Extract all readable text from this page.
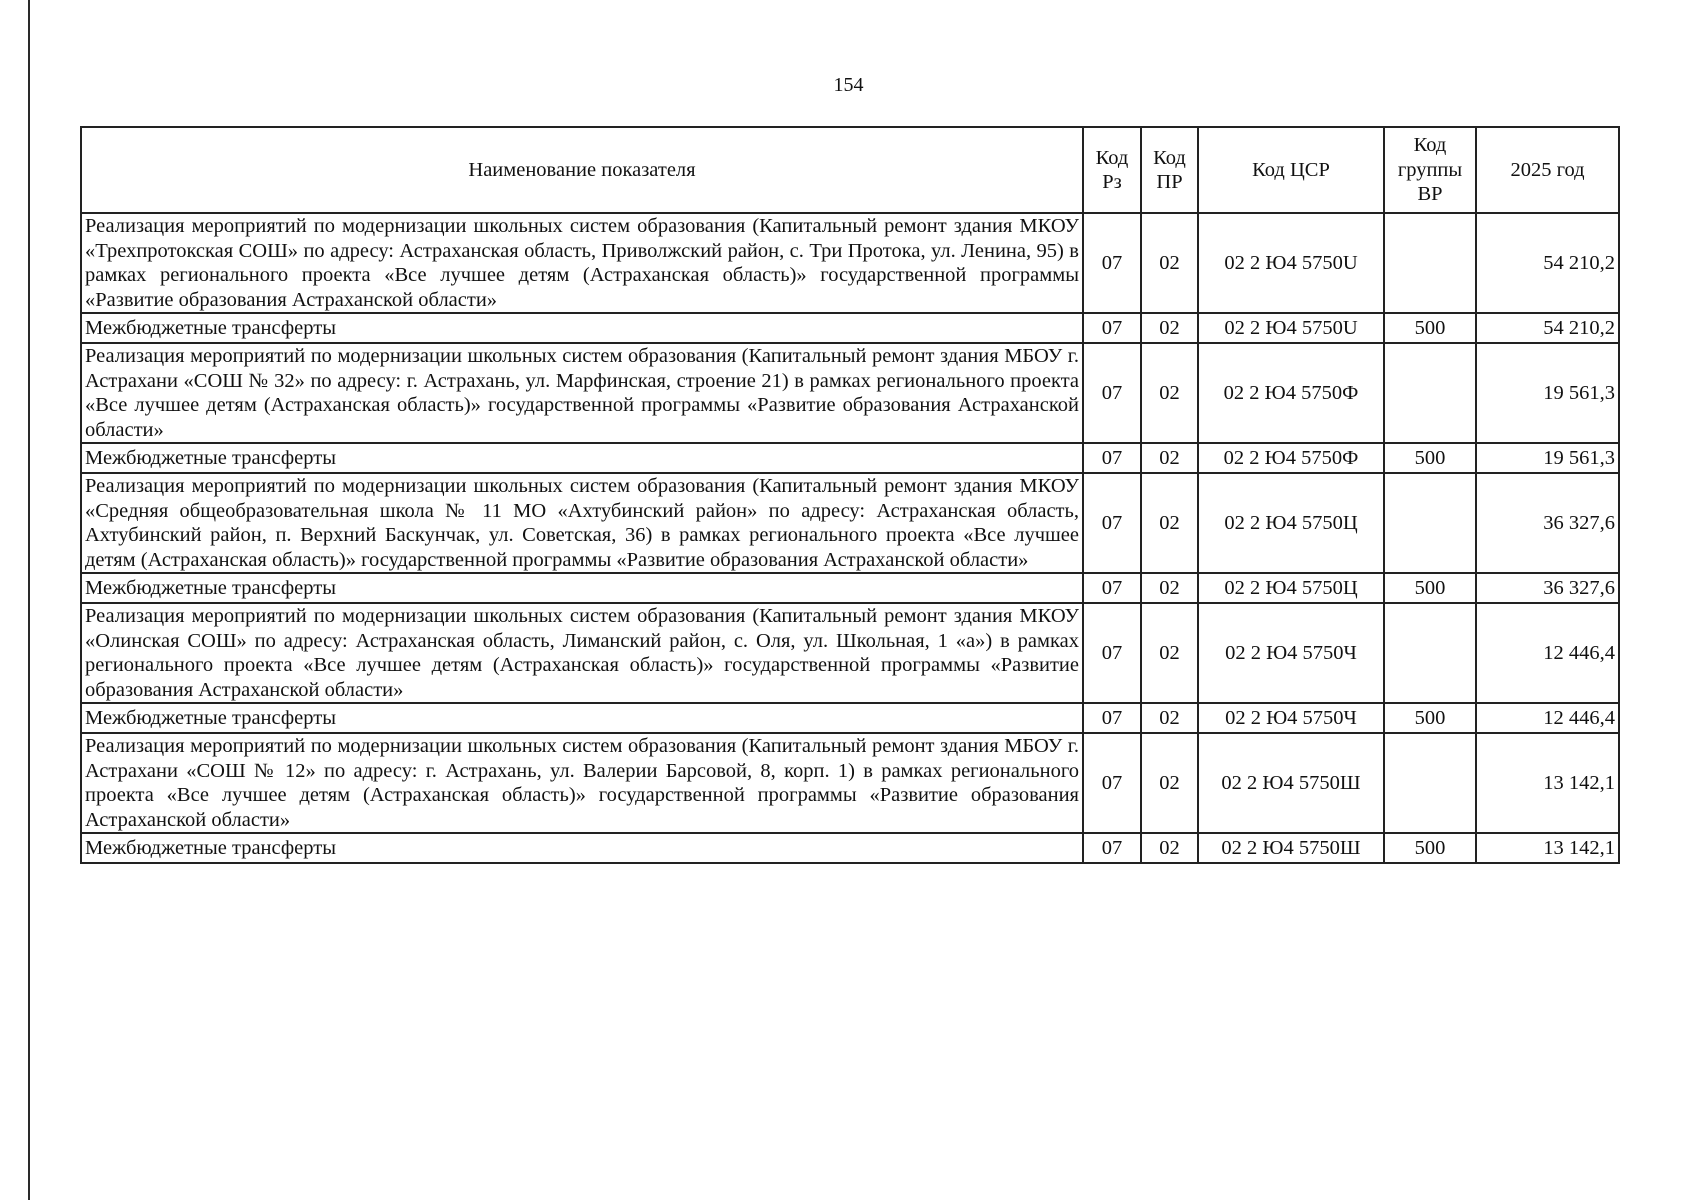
154
Наименование показателя	Код Рз	Код ПР	Код ЦСР	Код группы ВР	2025 год
Реализация мероприятий по модернизации школьных систем образования (Капитальный ремонт здания МКОУ «Трехпротокская СОШ» по адресу: Астраханская область, Приволжский район, с. Три Протока, ул. Ленина, 95) в рамках регионального проекта «Все лучшее детям (Астраханская область)» государственной программы «Развитие образования Астраханской области»	07	02	02 2 Ю4 5750U		54 210,2
Межбюджетные трансферты	07	02	02 2 Ю4 5750U	500	54 210,2
Реализация мероприятий по модернизации школьных систем образования (Капитальный ремонт здания МБОУ г. Астрахани «СОШ № 32» по адресу: г. Астрахань, ул. Марфинская, строение 21) в рамках регионального проекта «Все лучшее детям (Астраханская область)» государственной программы «Развитие образования Астраханской области»	07	02	02 2 Ю4 5750Ф		19 561,3
Межбюджетные трансферты	07	02	02 2 Ю4 5750Ф	500	19 561,3
Реализация мероприятий по модернизации школьных систем образования (Капитальный ремонт здания МКОУ «Средняя общеобразовательная школа № 11 МО «Ахтубинский район» по адресу: Астраханская область, Ахтубинский район, п. Верхний Баскунчак, ул. Советская, 36) в рамках регионального проекта «Все лучшее детям (Астраханская область)» государственной программы «Развитие образования Астраханской области»	07	02	02 2 Ю4 5750Ц		36 327,6
Межбюджетные трансферты	07	02	02 2 Ю4 5750Ц	500	36 327,6
Реализация мероприятий по модернизации школьных систем образования (Капитальный ремонт здания МКОУ «Олинская СОШ» по адресу: Астраханская область, Лиманский район, с. Оля, ул. Школьная, 1 «а») в рамках регионального проекта «Все лучшее детям (Астраханская область)» государственной программы «Развитие образования Астраханской области»	07	02	02 2 Ю4 5750Ч		12 446,4
Межбюджетные трансферты	07	02	02 2 Ю4 5750Ч	500	12 446,4
Реализация мероприятий по модернизации школьных систем образования (Капитальный ремонт здания МБОУ г. Астрахани «СОШ № 12» по адресу: г. Астрахань, ул. Валерии Барсовой, 8, корп. 1) в рамках регионального проекта «Все лучшее детям (Астраханская область)» государственной программы «Развитие образования Астраханской области»	07	02	02 2 Ю4 5750Ш		13 142,1
Межбюджетные трансферты	07	02	02 2 Ю4 5750Ш	500	13 142,1
